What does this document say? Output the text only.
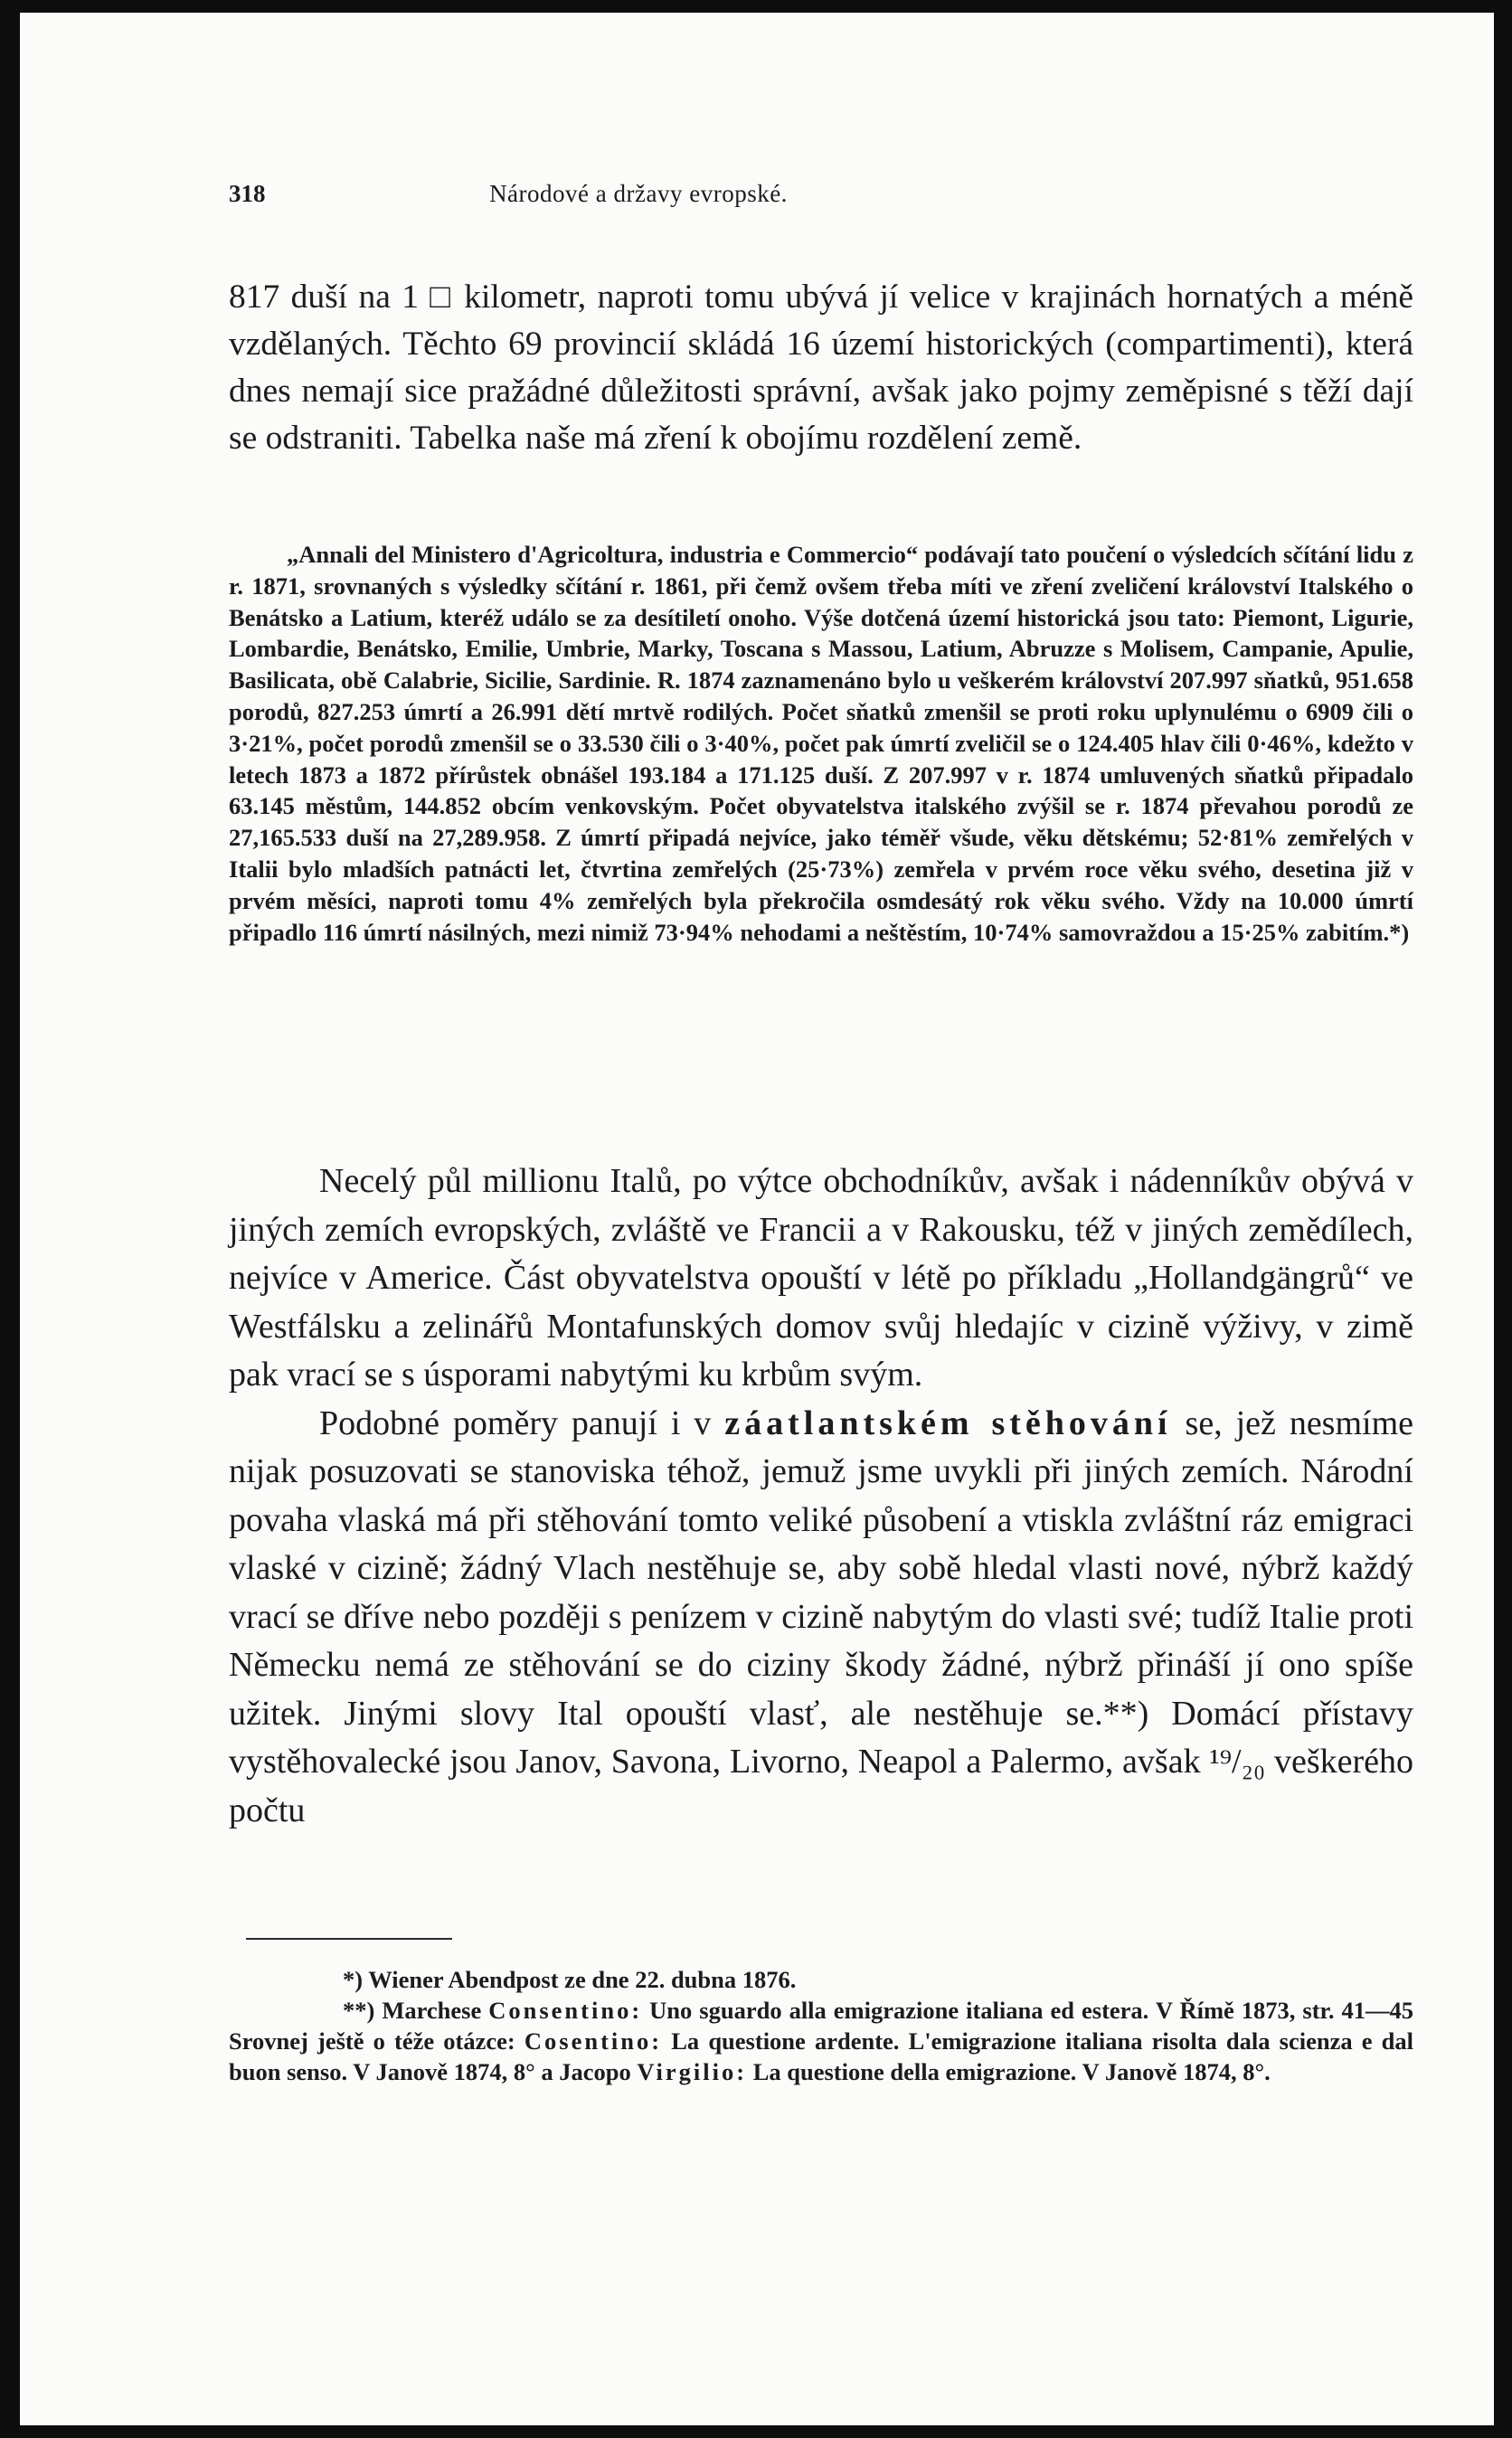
318	Národové a državy evropské.

817 duší na 1 □ kilometr, naproti tomu ubývá jí velice v krajinách hornatých a méně vzdělaných. Těchto 69 provincií skládá 16 území historických (compartimenti), která dnes nemají sice pražádné důležitosti správní, avšak jako pojmy zeměpisné s těží dají se odstraniti. Tabelka naše má zření k obojímu rozdělení země.

„Annali del Ministero d'Agricoltura, industria e Commercio“ podávají tato poučení o výsledcích sčítání lidu z r. 1871, srovnaných s výsledky sčítání r. 1861, při čemž ovšem třeba míti ve zření zveličení království Italského o Benátsko a Latium, kteréž událo se za desítiletí onoho. Výše dotčená území historická jsou tato: Piemont, Ligurie, Lombardie, Benátsko, Emilie, Umbrie, Marky, Toscana s Massou, Latium, Abruzze s Molisem, Campanie, Apulie, Basilicata, obě Calabrie, Sicilie, Sardinie. R. 1874 zaznamenáno bylo u veškerém království 207.997 sňatků, 951.658 porodů, 827.253 úmrtí a 26.991 dětí mrtvě rodilých. Počet sňatků zmenšil se proti roku uplynulému o 6909 čili o 3·21%, počet porodů zmenšil se o 33.530 čili o 3·40%, počet pak úmrtí zveličil se o 124.405 hlav čili 0·46%, kdežto v letech 1873 a 1872 přírůstek obnášel 193.184 a 171.125 duší. Z 207.997 v r. 1874 umluvených sňatků připadalo 63.145 městům, 144.852 obcím venkovským. Počet obyvatelstva italského zvýšil se r. 1874 převahou porodů ze 27,165.533 duší na 27,289.958. Z úmrtí připadá nejvíce, jako téměř všude, věku dětskému; 52·81% zemřelých v Italii bylo mladších patnácti let, čtvrtina zemřelých (25·73%) zemřela v prvém roce věku svého, desetina již v prvém měsíci, naproti tomu 4% zemřelých byla překročila osmdesátý rok věku svého. Vždy na 10.000 úmrtí připadlo 116 úmrtí násilných, mezi nimiž 73·94% nehodami a neštěstím, 10·74% samovraždou a 15·25% zabitím.*)

Necelý půl millionu Italů, po výtce obchodníkův, avšak i nádenníkův obývá v jiných zemích evropských, zvláště ve Francii a v Rakousku, též v jiných zemědílech, nejvíce v Americe. Část obyvatelstva opouští v létě po příkladu „Hollandgängrů“ ve Westfálsku a zelinářů Montafunských domov svůj hledajíc v cizině výživy, v zimě pak vrací se s úsporami nabytými ku krbům svým.

Podobné poměry panují i v záatlantském stěhování se, jež nesmíme nijak posuzovati se stanoviska téhož, jemuž jsme uvykli při jiných zemích. Národní povaha vlaská má při stěhování tomto veliké působení a vtiskla zvláštní ráz emigraci vlaské v cizině; žádný Vlach nestěhuje se, aby sobě hledal vlasti nové, nýbrž každý vrací se dříve nebo později s penízem v cizině nabytým do vlasti své; tudíž Italie proti Německu nemá ze stěhování se do ciziny škody žádné, nýbrž přináší jí ono spíše užitek. Jinými slovy Ital opouští vlasť, ale nestěhuje se.**) Domácí přístavy vystěhovalecké jsou Janov, Savona, Livorno, Neapol a Palermo, avšak ¹⁹/₂₀ veškerého počtu

*) Wiener Abendpost ze dne 22. dubna 1876.

**) Marchese Consentino: Uno sguardo alla emigrazione italiana ed estera. V Římě 1873, str. 41—45 Srovnej ještě o téže otázce: Cosentino: La questione ardente. L'emigrazione italiana risolta dala scienza e dal buon senso. V Janově 1874, 8° a Jacopo Virgilio: La questione della emigrazione. V Janově 1874, 8°.
